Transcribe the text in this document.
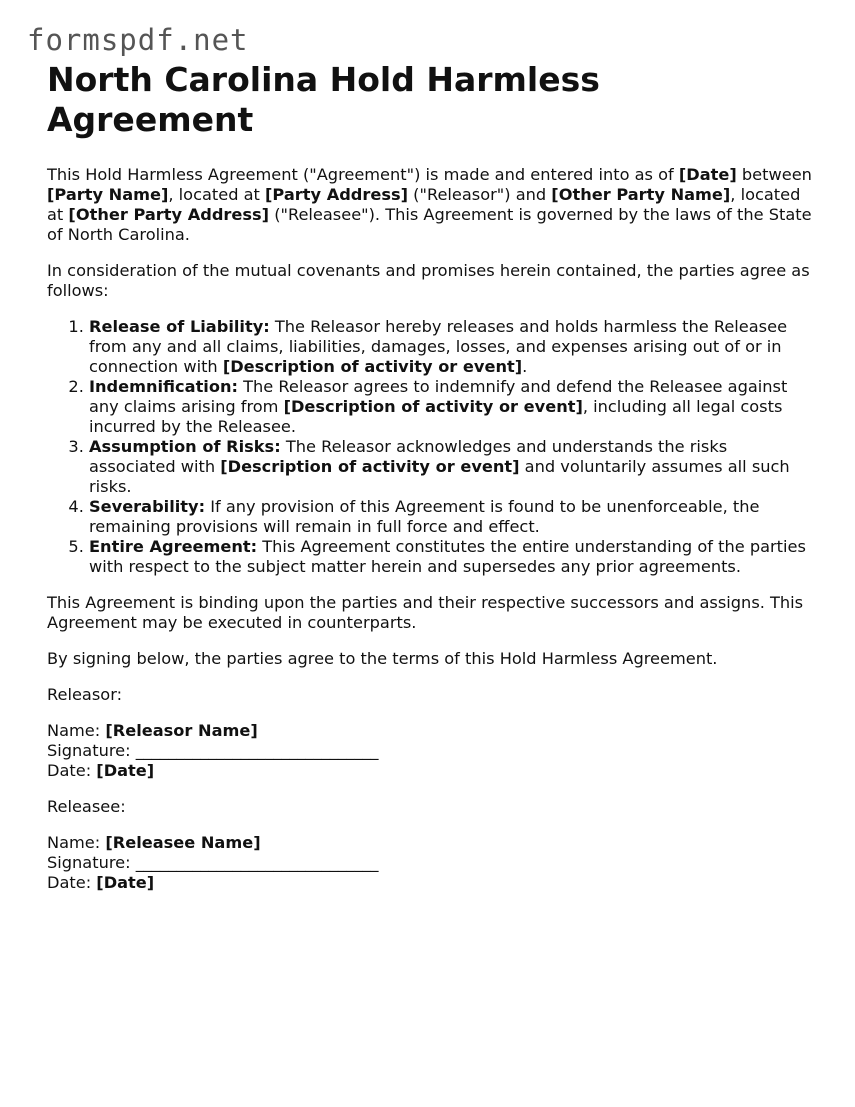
formspdf.net
North Carolina Hold Harmless Agreement

This Hold Harmless Agreement ("Agreement") is made and entered into as of [Date] between [Party Name], located at [Party Address] ("Releasor") and [Other Party Name], located at [Other Party Address] ("Releasee"). This Agreement is governed by the laws of the State of North Carolina.

In consideration of the mutual covenants and promises herein contained, the parties agree as follows:

1. Release of Liability: The Releasor hereby releases and holds harmless the Releasee from any and all claims, liabilities, damages, losses, and expenses arising out of or in connection with [Description of activity or event].
2. Indemnification: The Releasor agrees to indemnify and defend the Releasee against any claims arising from [Description of activity or event], including all legal costs incurred by the Releasee.
3. Assumption of Risks: The Releasor acknowledges and understands the risks associated with [Description of activity or event] and voluntarily assumes all such risks.
4. Severability: If any provision of this Agreement is found to be unenforceable, the remaining provisions will remain in full force and effect.
5. Entire Agreement: This Agreement constitutes the entire understanding of the parties with respect to the subject matter herein and supersedes any prior agreements.

This Agreement is binding upon the parties and their respective successors and assigns. This Agreement may be executed in counterparts.

By signing below, the parties agree to the terms of this Hold Harmless Agreement.

Releasor:

Name: [Releasor Name]

Signature: ______________________________

Date: [Date]

Releasee:

Name: [Releasee Name]

Signature: ______________________________

Date: [Date]
